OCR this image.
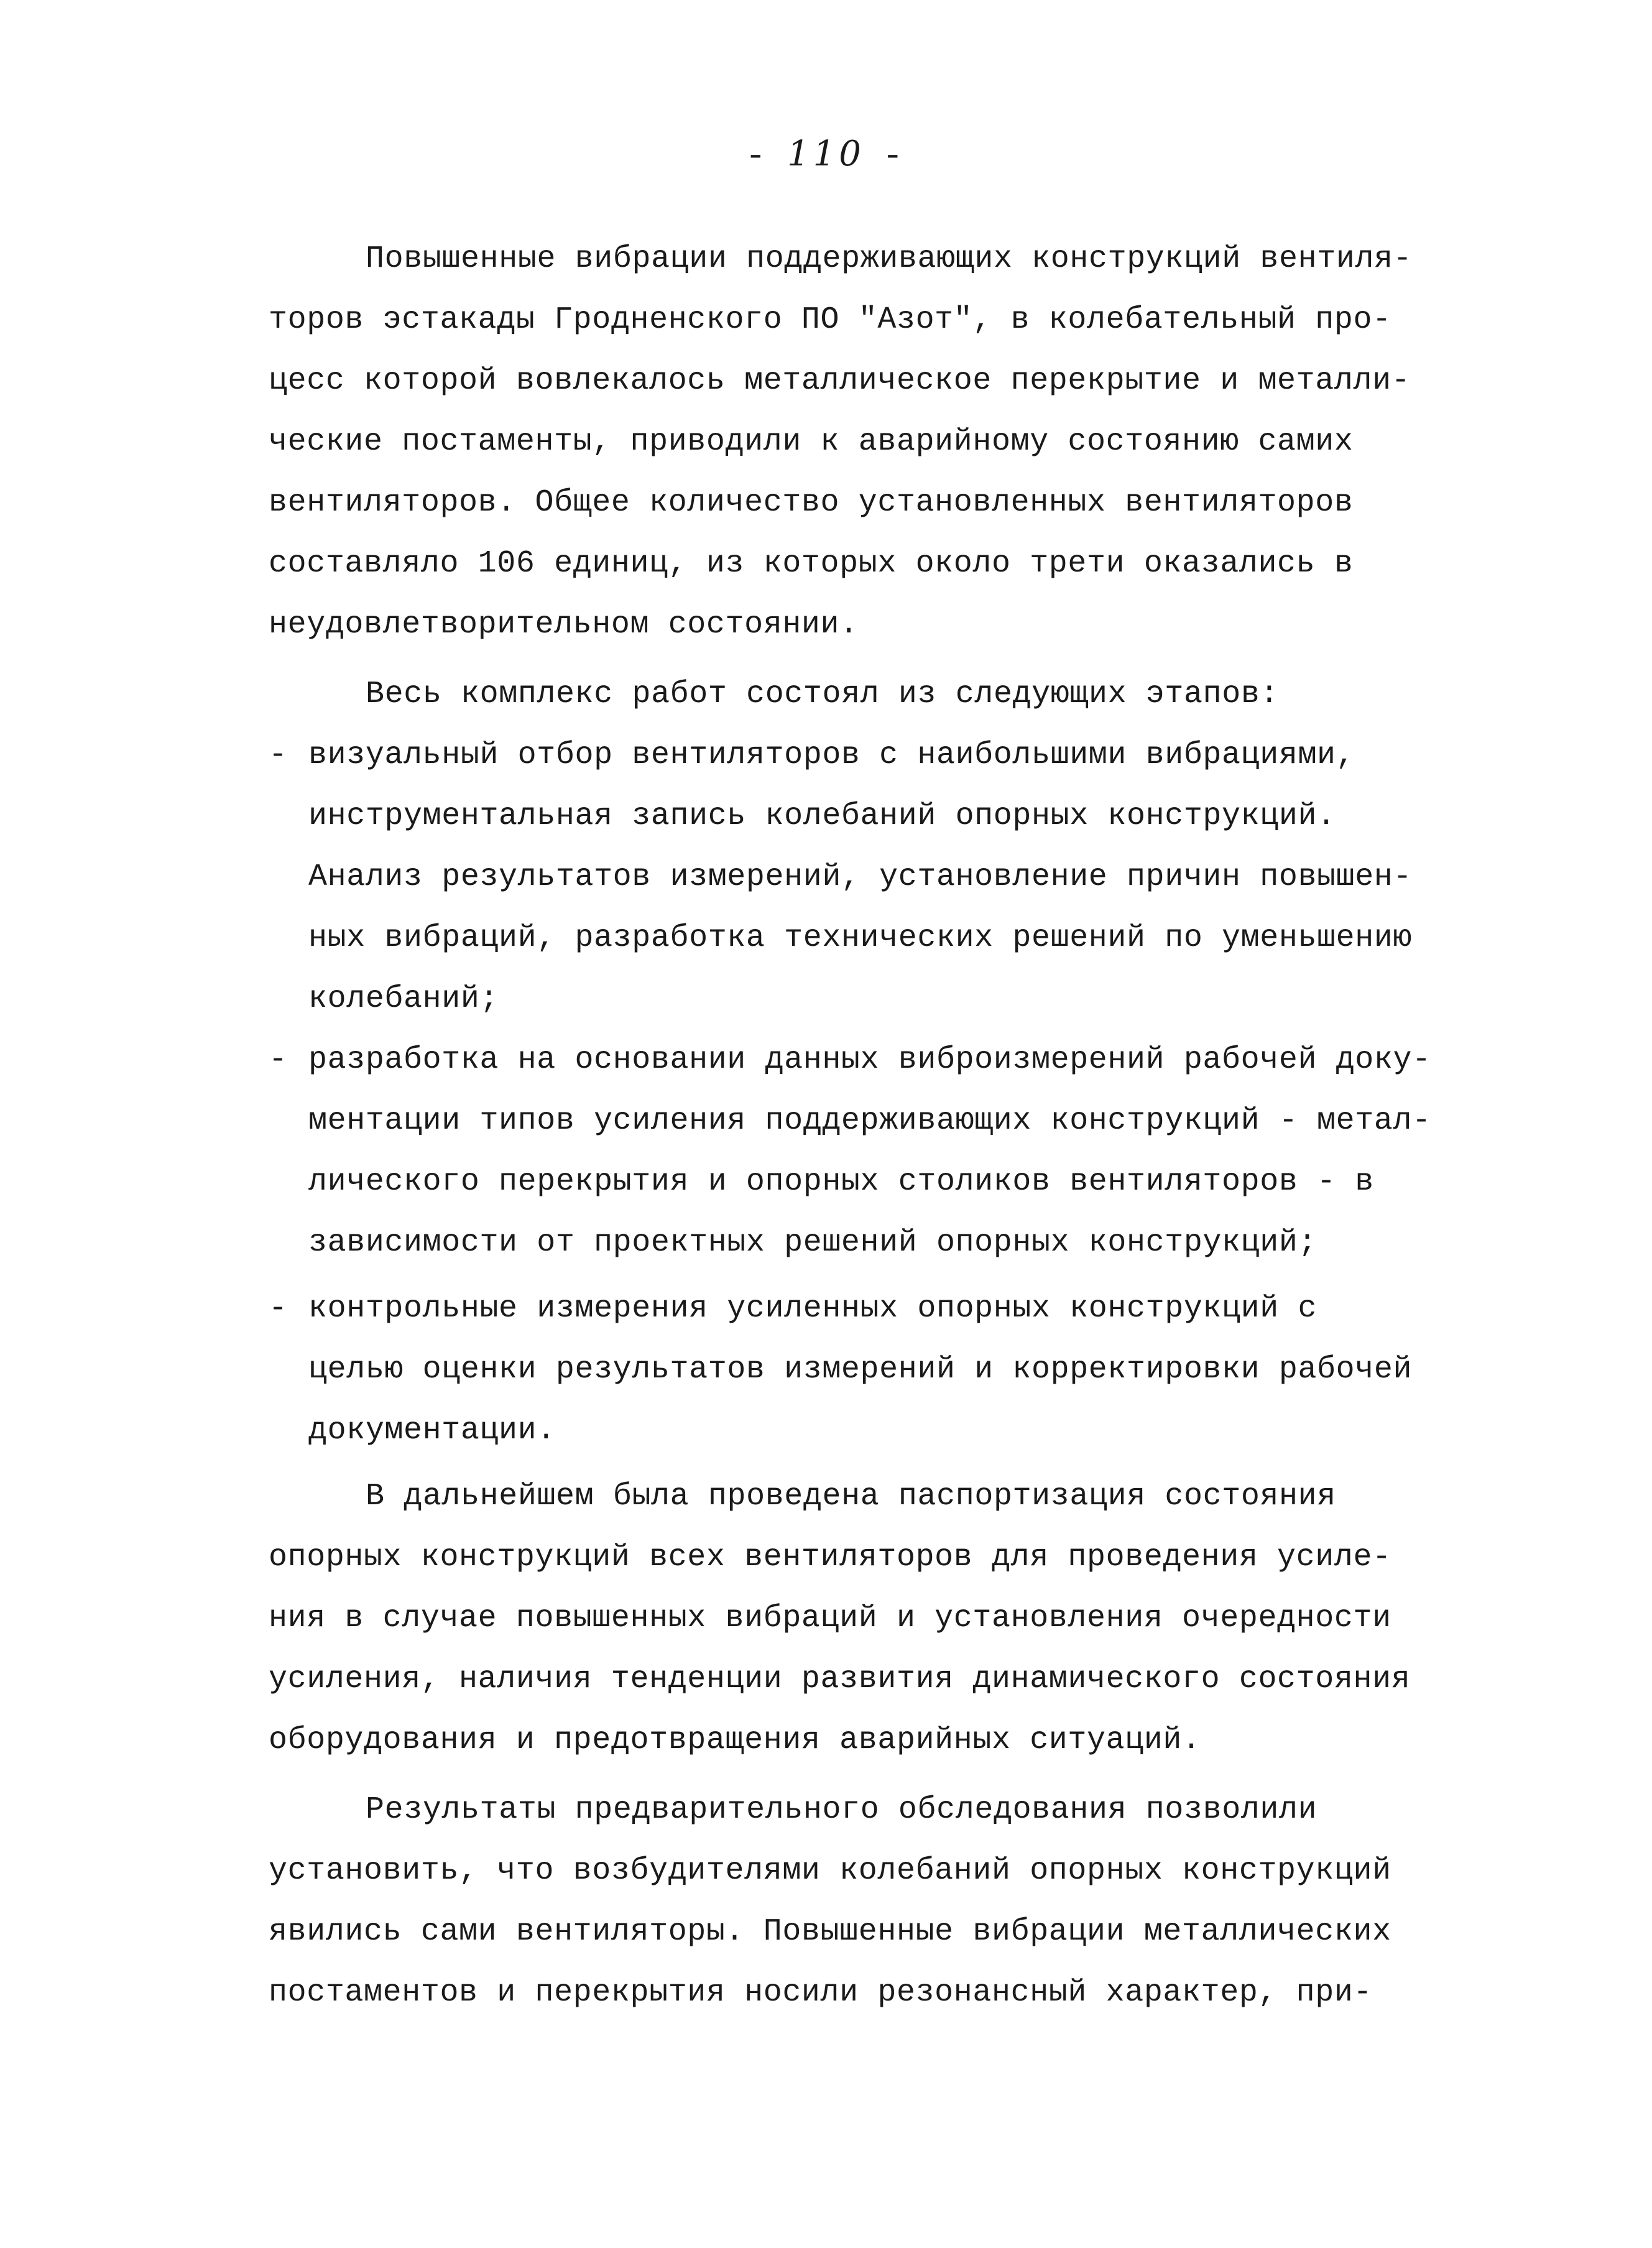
- 110 -
Повышенные вибрации поддерживающих конструкций вентиля-
торов эстакады Гродненского ПО "Азот", в колебательный про-
цесс которой вовлекалось металлическое перекрытие и металли-
ческие постаменты, приводили к аварийному состоянию самих
вентиляторов. Общее количество установленных вентиляторов
составляло 106 единиц, из которых около трети оказались в
неудовлетворительном состоянии.
Весь комплекс работ состоял из следующих этапов:
- визуальный отбор вентиляторов с наибольшими вибрациями,
инструментальная запись колебаний опорных конструкций.
Анализ результатов измерений, установление причин повышен-
ных вибраций, разработка технических решений по уменьшению
колебаний;
- разработка на основании данных виброизмерений рабочей доку-
ментации типов усиления поддерживающих конструкций - метал-
лического перекрытия и опорных столиков вентиляторов - в
зависимости от проектных решений опорных конструкций;
- контрольные измерения усиленных опорных конструкций с
целью оценки результатов измерений и корректировки рабочей
документации.
В дальнейшем была проведена паспортизация состояния
опорных конструкций всех вентиляторов для проведения усиле-
ния в случае повышенных вибраций и установления очередности
усиления, наличия тенденции развития динамического состояния
оборудования и предотвращения аварийных ситуаций.
Результаты предварительного обследования позволили
установить, что возбудителями колебаний опорных конструкций
явились сами вентиляторы. Повышенные вибрации металлических
постаментов и перекрытия носили резонансный характер, при-
